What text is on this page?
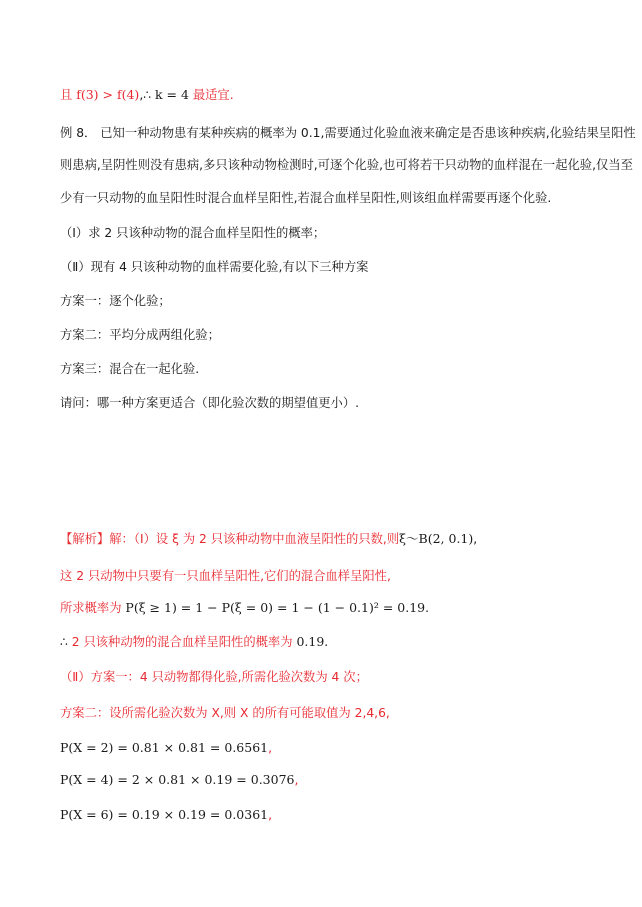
且 f(3) > f(4),∴ k = 4 最适宜.
例 8． 已知一种动物患有某种疾病的概率为 0.1,需要通过化验血液来确定是否患该种疾病,化验结果呈阳性
则患病,呈阴性则没有患病,多只该种动物检测时,可逐个化验,也可将若干只动物的血样混在一起化验,仅当至
少有一只动物的血呈阳性时混合血样呈阳性,若混合血样呈阳性,则该组血样需要再逐个化验.
（Ⅰ）求 2 只该种动物的混合血样呈阳性的概率；
（Ⅱ）现有 4 只该种动物的血样需要化验,有以下三种方案
方案一：逐个化验；
方案二：平均分成两组化验；
方案三：混合在一起化验.
请问：哪一种方案更适合（即化验次数的期望值更小）.
【解析】解：（Ⅰ）设 ξ 为 2 只该种动物中血液呈阳性的只数,则ξ～B(2, 0.1),
这 2 只动物中只要有一只血样呈阳性,它们的混合血样呈阳性,
所求概率为 P(ξ ≥ 1) = 1 − P(ξ = 0) = 1 − (1 − 0.1)² = 0.19.
∴ 2 只该种动物的混合血样呈阳性的概率为 0.19.
（Ⅱ）方案一：4 只动物都得化验,所需化验次数为 4 次；
方案二：设所需化验次数为 X,则 X 的所有可能取值为 2,4,6,
P(X = 2) = 0.81 × 0.81 = 0.6561,
P(X = 4) = 2 × 0.81 × 0.19 = 0.3076,
P(X = 6) = 0.19 × 0.19 = 0.0361,
